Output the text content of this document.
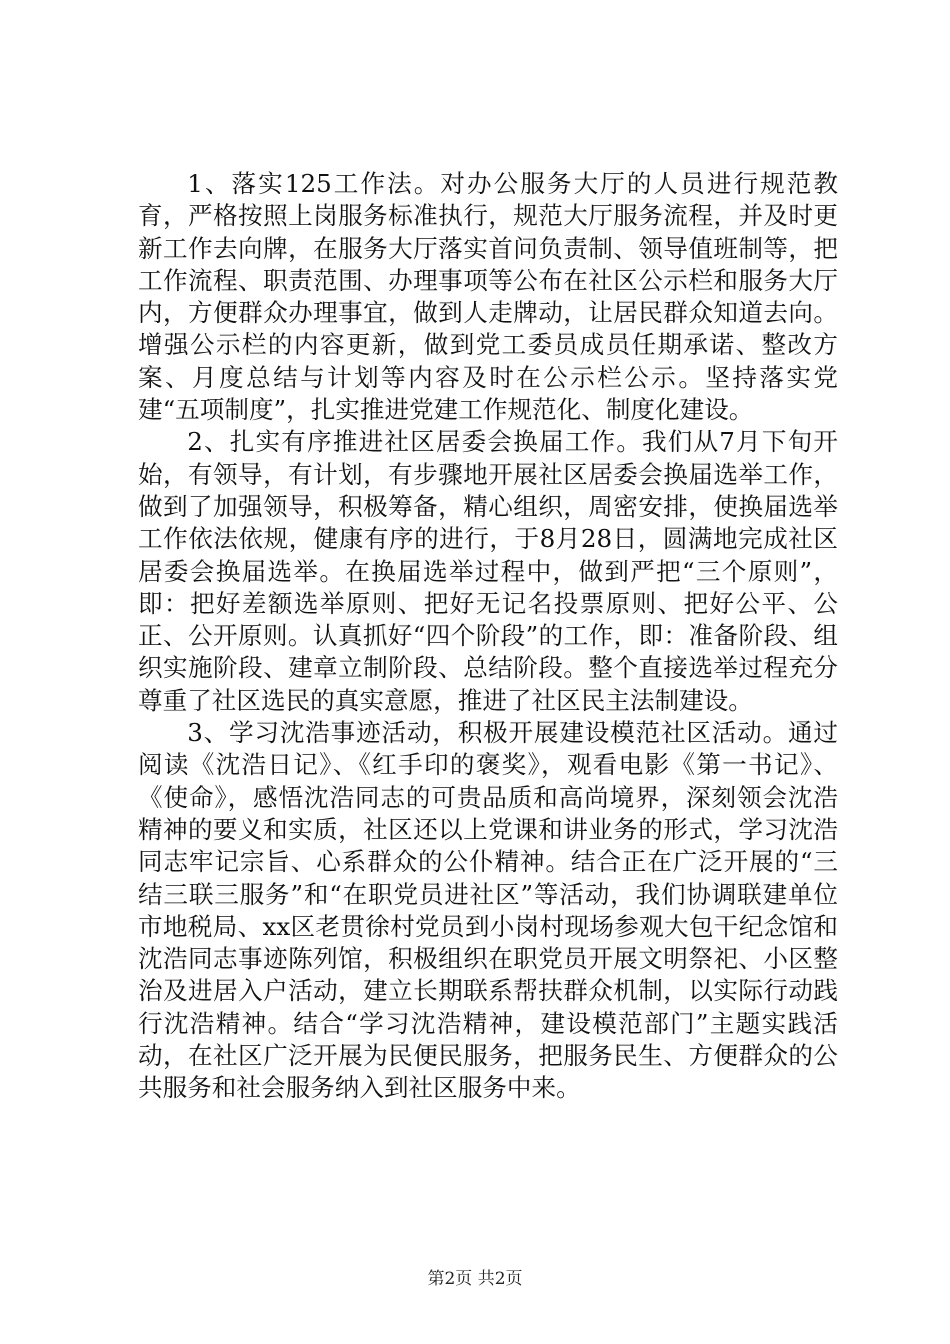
1、落实125工作法。对办公服务大厅的人员进行规范教育，严格按照上岗服务标准执行，规范大厅服务流程，并及时更新工作去向牌，在服务大厅落实首问负责制、领导值班制等，把工作流程、职责范围、办理事项等公布在社区公示栏和服务大厅内，方便群众办理事宜，做到人走牌动，让居民群众知道去向。增强公示栏的内容更新，做到党工委员成员任期承诺、整改方案、月度总结与计划等内容及时在公示栏公示。坚持落实党建“五项制度”，扎实推进党建工作规范化、制度化建设。

2、扎实有序推进社区居委会换届工作。我们从7月下旬开始，有领导，有计划，有步骤地开展社区居委会换届选举工作，做到了加强领导，积极筹备，精心组织，周密安排，使换届选举工作依法依规，健康有序的进行，于8月28日，圆满地完成社区居委会换届选举。在换届选举过程中，做到严把“三个原则”，即：把好差额选举原则、把好无记名投票原则、把好公平、公正、公开原则。认真抓好“四个阶段”的工作，即：准备阶段、组织实施阶段、建章立制阶段、总结阶段。整个直接选举过程充分尊重了社区选民的真实意愿，推进了社区民主法制建设。

3、学习沈浩事迹活动，积极开展建设模范社区活动。通过阅读《沈浩日记》、《红手印的褒奖》，观看电影《第一书记》、《使命》，感悟沈浩同志的可贵品质和高尚境界，深刻领会沈浩精神的要义和实质，社区还以上党课和讲业务的形式，学习沈浩同志牢记宗旨、心系群众的公仆精神。结合正在广泛开展的“三结三联三服务”和“在职党员进社区”等活动，我们协调联建单位市地税局、xx区老贯徐村党员到小岗村现场参观大包干纪念馆和沈浩同志事迹陈列馆，积极组织在职党员开展文明祭祀、小区整治及进居入户活动，建立长期联系帮扶群众机制，以实际行动践行沈浩精神。结合“学习沈浩精神，建设模范部门”主题实践活动，在社区广泛开展为民便民服务，把服务民生、方便群众的公共服务和社会服务纳入到社区服务中来。

第2页 共2页
